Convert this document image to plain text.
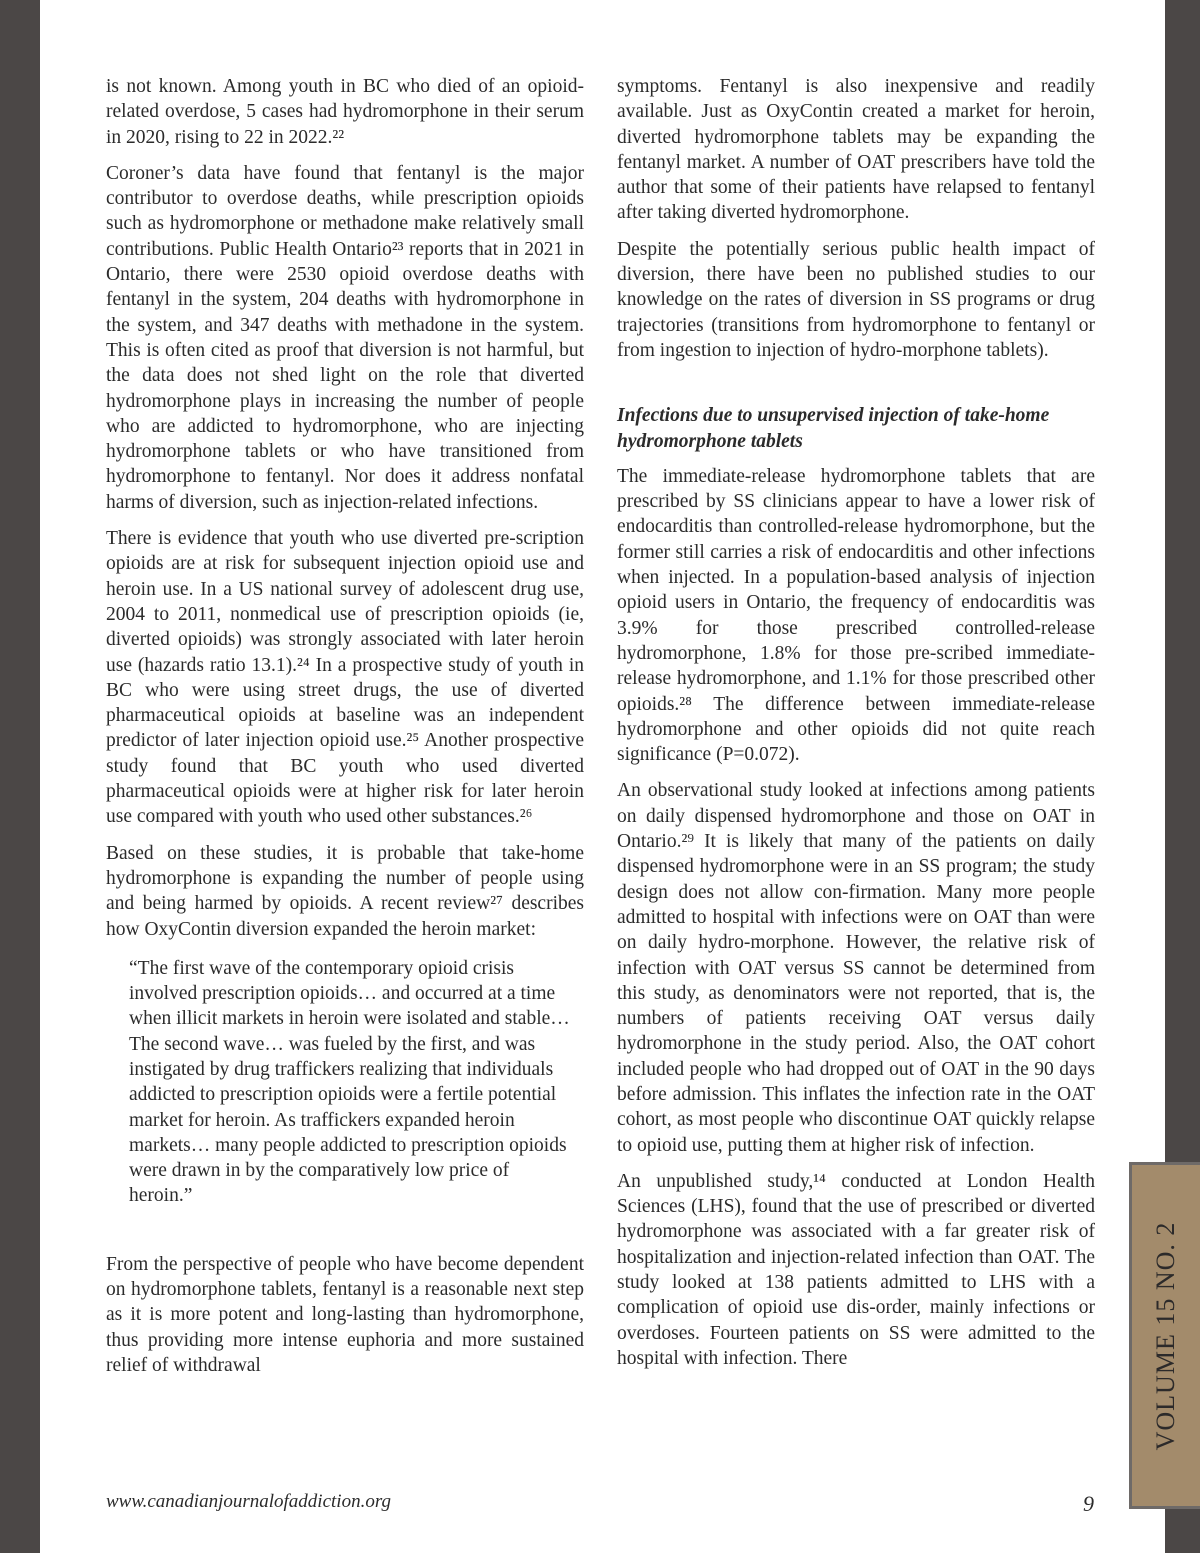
is not known. Among youth in BC who died of an opioid-related overdose, 5 cases had hydromorphone in their serum in 2020, rising to 22 in 2022.²²

Coroner’s data have found that fentanyl is the major contributor to overdose deaths, while prescription opioids such as hydromorphone or methadone make relatively small contributions. Public Health Ontario²³ reports that in 2021 in Ontario, there were 2530 opioid overdose deaths with fentanyl in the system, 204 deaths with hydromorphone in the system, and 347 deaths with methadone in the system. This is often cited as proof that diversion is not harmful, but the data does not shed light on the role that diverted hydromorphone plays in increasing the number of people who are addicted to hydromorphone, who are injecting hydromorphone tablets or who have transitioned from hydromorphone to fentanyl. Nor does it address nonfatal harms of diversion, such as injection-related infections.

There is evidence that youth who use diverted pre-scription opioids are at risk for subsequent injection opioid use and heroin use. In a US national survey of adolescent drug use, 2004 to 2011, nonmedical use of prescription opioids (ie, diverted opioids) was strongly associated with later heroin use (hazards ratio 13.1).²⁴ In a prospective study of youth in BC who were using street drugs, the use of diverted pharmaceutical opioids at baseline was an independent predictor of later injection opioid use.²⁵ Another prospective study found that BC youth who used diverted pharmaceutical opioids were at higher risk for later heroin use compared with youth who used other substances.²⁶

Based on these studies, it is probable that take-home hydromorphone is expanding the number of people using and being harmed by opioids. A recent review²⁷ describes how OxyContin diversion expanded the heroin market:

“The first wave of the contemporary opioid crisis involved prescription opioids… and occurred at a time when illicit markets in heroin were isolated and stable… The second wave… was fueled by the first, and was instigated by drug traffickers realizing that individuals addicted to prescription opioids were a fertile potential market for heroin. As traffickers expanded heroin markets… many people addicted to prescription opioids were drawn in by the comparatively low price of heroin.”

From the perspective of people who have become dependent on hydromorphone tablets, fentanyl is a reasonable next step as it is more potent and long-lasting than hydromorphone, thus providing more intense euphoria and more sustained relief of withdrawal

symptoms. Fentanyl is also inexpensive and readily available. Just as OxyContin created a market for heroin, diverted hydromorphone tablets may be expanding the fentanyl market. A number of OAT prescribers have told the author that some of their patients have relapsed to fentanyl after taking diverted hydromorphone.

Despite the potentially serious public health impact of diversion, there have been no published studies to our knowledge on the rates of diversion in SS programs or drug trajectories (transitions from hydromorphone to fentanyl or from ingestion to injection of hydro-morphone tablets).

Infections due to unsupervised injection of take-home hydromorphone tablets

The immediate-release hydromorphone tablets that are prescribed by SS clinicians appear to have a lower risk of endocarditis than controlled-release hydromorphone, but the former still carries a risk of endocarditis and other infections when injected. In a population-based analysis of injection opioid users in Ontario, the frequency of endocarditis was 3.9% for those prescribed controlled-release hydromorphone, 1.8% for those pre-scribed immediate-release hydromorphone, and 1.1% for those prescribed other opioids.²⁸ The difference between immediate-release hydromorphone and other opioids did not quite reach significance (P=0.072).

An observational study looked at infections among patients on daily dispensed hydromorphone and those on OAT in Ontario.²⁹ It is likely that many of the patients on daily dispensed hydromorphone were in an SS program; the study design does not allow con-firmation. Many more people admitted to hospital with infections were on OAT than were on daily hydro-morphone. However, the relative risk of infection with OAT versus SS cannot be determined from this study, as denominators were not reported, that is, the numbers of patients receiving OAT versus daily hydromorphone in the study period. Also, the OAT cohort included people who had dropped out of OAT in the 90 days before admission. This inflates the infection rate in the OAT cohort, as most people who discontinue OAT quickly relapse to opioid use, putting them at higher risk of infection.

An unpublished study,¹⁴ conducted at London Health Sciences (LHS), found that the use of prescribed or diverted hydromorphone was associated with a far greater risk of hospitalization and injection-related infection than OAT. The study looked at 138 patients admitted to LHS with a complication of opioid use dis-order, mainly infections or overdoses. Fourteen patients on SS were admitted to the hospital with infection. There	VOLUME 15 NO. 2
www.canadianjournalofaddiction.org	9
